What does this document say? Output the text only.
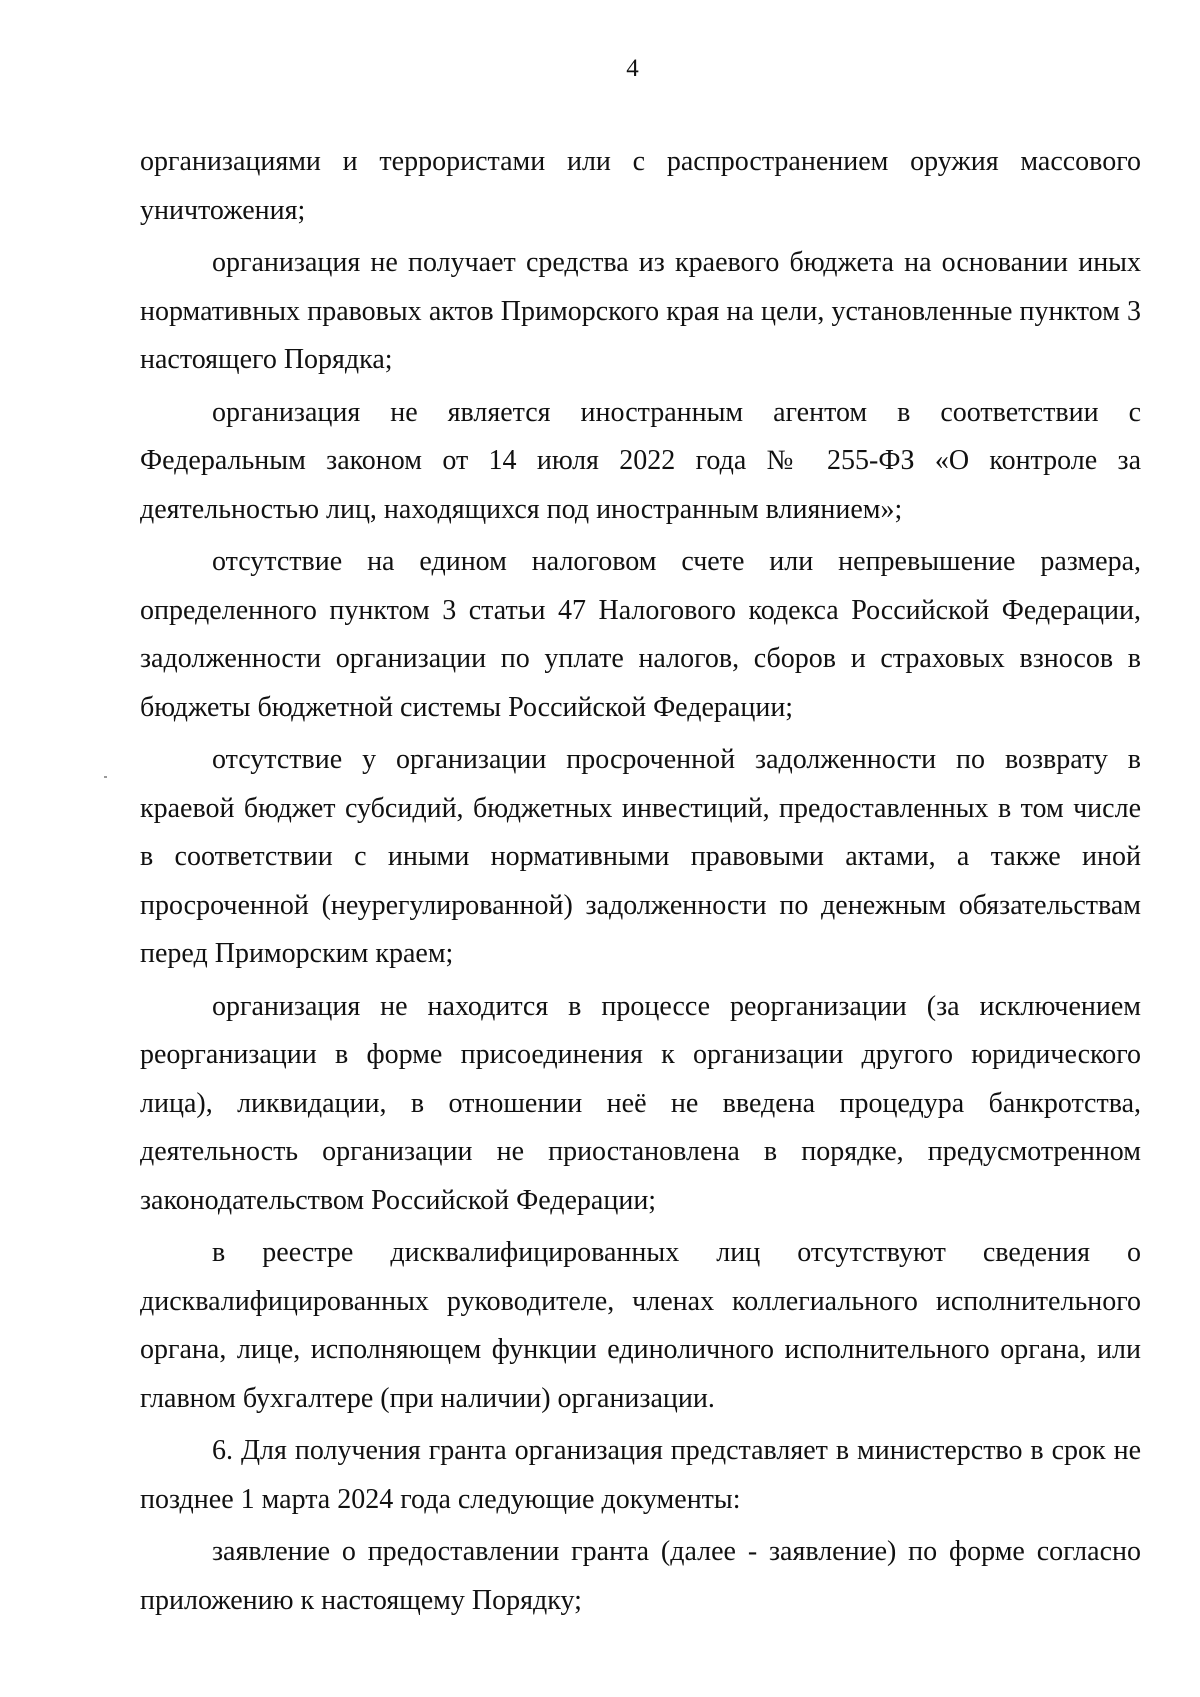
4

организациями и террористами или с распространением оружия массового уничтожения;

организация не получает средства из краевого бюджета на основании иных нормативных правовых актов Приморского края на цели, установленные пунктом 3 настоящего Порядка;

организация не является иностранным агентом в соответствии с Федеральным законом от 14 июля 2022 года № 255-ФЗ «О контроле за деятельностью лиц, находящихся под иностранным влиянием»;

отсутствие на едином налоговом счете или непревышение размера, определенного пунктом 3 статьи 47 Налогового кодекса Российской Федерации, задолженности организации по уплате налогов, сборов и страховых взносов в бюджеты бюджетной системы Российской Федерации;

отсутствие у организации просроченной задолженности по возврату в краевой бюджет субсидий, бюджетных инвестиций, предоставленных в том числе в соответствии с иными нормативными правовыми актами, а также иной просроченной (неурегулированной) задолженности по денежным обязательствам перед Приморским краем;

организация не находится в процессе реорганизации (за исключением реорганизации в форме присоединения к организации другого юридического лица), ликвидации, в отношении неё не введена процедура банкротства, деятельность организации не приостановлена в порядке, предусмотренном законодательством Российской Федерации;

в реестре дисквалифицированных лиц отсутствуют сведения о дисквалифицированных руководителе, членах коллегиального исполнительного органа, лице, исполняющем функции единоличного исполнительного органа, или главном бухгалтере (при наличии) организации.

6. Для получения гранта организация представляет в министерство в срок не позднее 1 марта 2024 года следующие документы:

заявление о предоставлении гранта (далее - заявление) по форме согласно приложению к настоящему Порядку;
